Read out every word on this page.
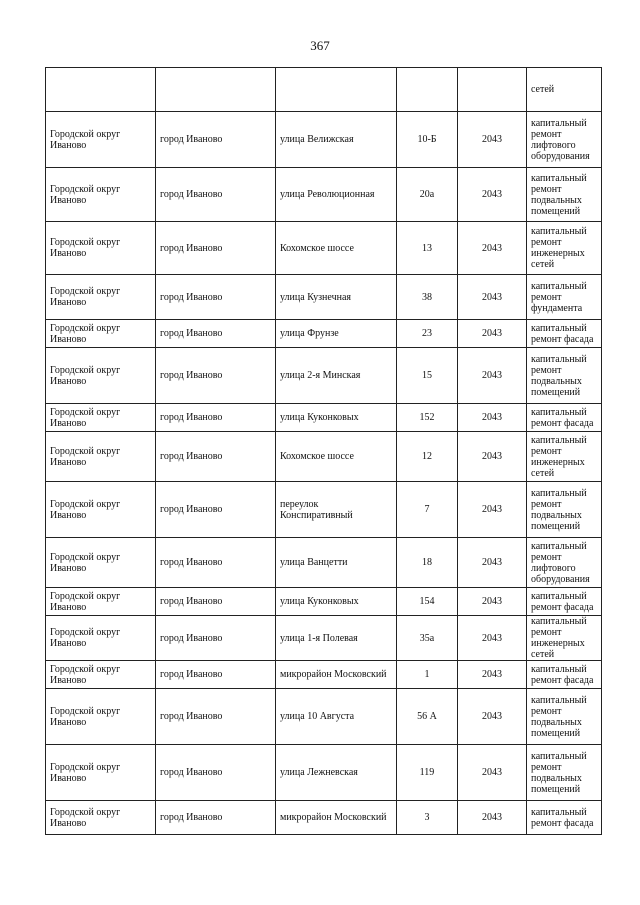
367
					сетей
Городской округ Иваново	город Иваново	улица Велижская	10-Б	2043	капитальный ремонт лифтового оборудования
Городской округ Иваново	город Иваново	улица Революционная	20а	2043	капитальный ремонт подвальных помещений
Городской округ Иваново	город Иваново	Кохомское шоссе	13	2043	капитальный ремонт инженерных сетей
Городской округ Иваново	город Иваново	улица Кузнечная	38	2043	капитальный ремонт фундамента
Городской округ Иваново	город Иваново	улица Фрунзе	23	2043	капитальный ремонт фасада
Городской округ Иваново	город Иваново	улица 2-я Минская	15	2043	капитальный ремонт подвальных помещений
Городской округ Иваново	город Иваново	улица Куконковых	152	2043	капитальный ремонт фасада
Городской округ Иваново	город Иваново	Кохомское шоссе	12	2043	капитальный ремонт инженерных сетей
Городской округ Иваново	город Иваново	переулок Конспиративный	7	2043	капитальный ремонт подвальных помещений
Городской округ Иваново	город Иваново	улица Ванцетти	18	2043	капитальный ремонт лифтового оборудования
Городской округ Иваново	город Иваново	улица Куконковых	154	2043	капитальный ремонт фасада
Городской округ Иваново	город Иваново	улица 1-я Полевая	35а	2043	капитальный ремонт инженерных сетей
Городской округ Иваново	город Иваново	микрорайон Московский	1	2043	капитальный ремонт фасада
Городской округ Иваново	город Иваново	улица 10 Августа	56 А	2043	капитальный ремонт подвальных помещений
Городской округ Иваново	город Иваново	улица Лежневская	119	2043	капитальный ремонт подвальных помещений
Городской округ Иваново	город Иваново	микрорайон Московский	3	2043	капитальный ремонт фасада
